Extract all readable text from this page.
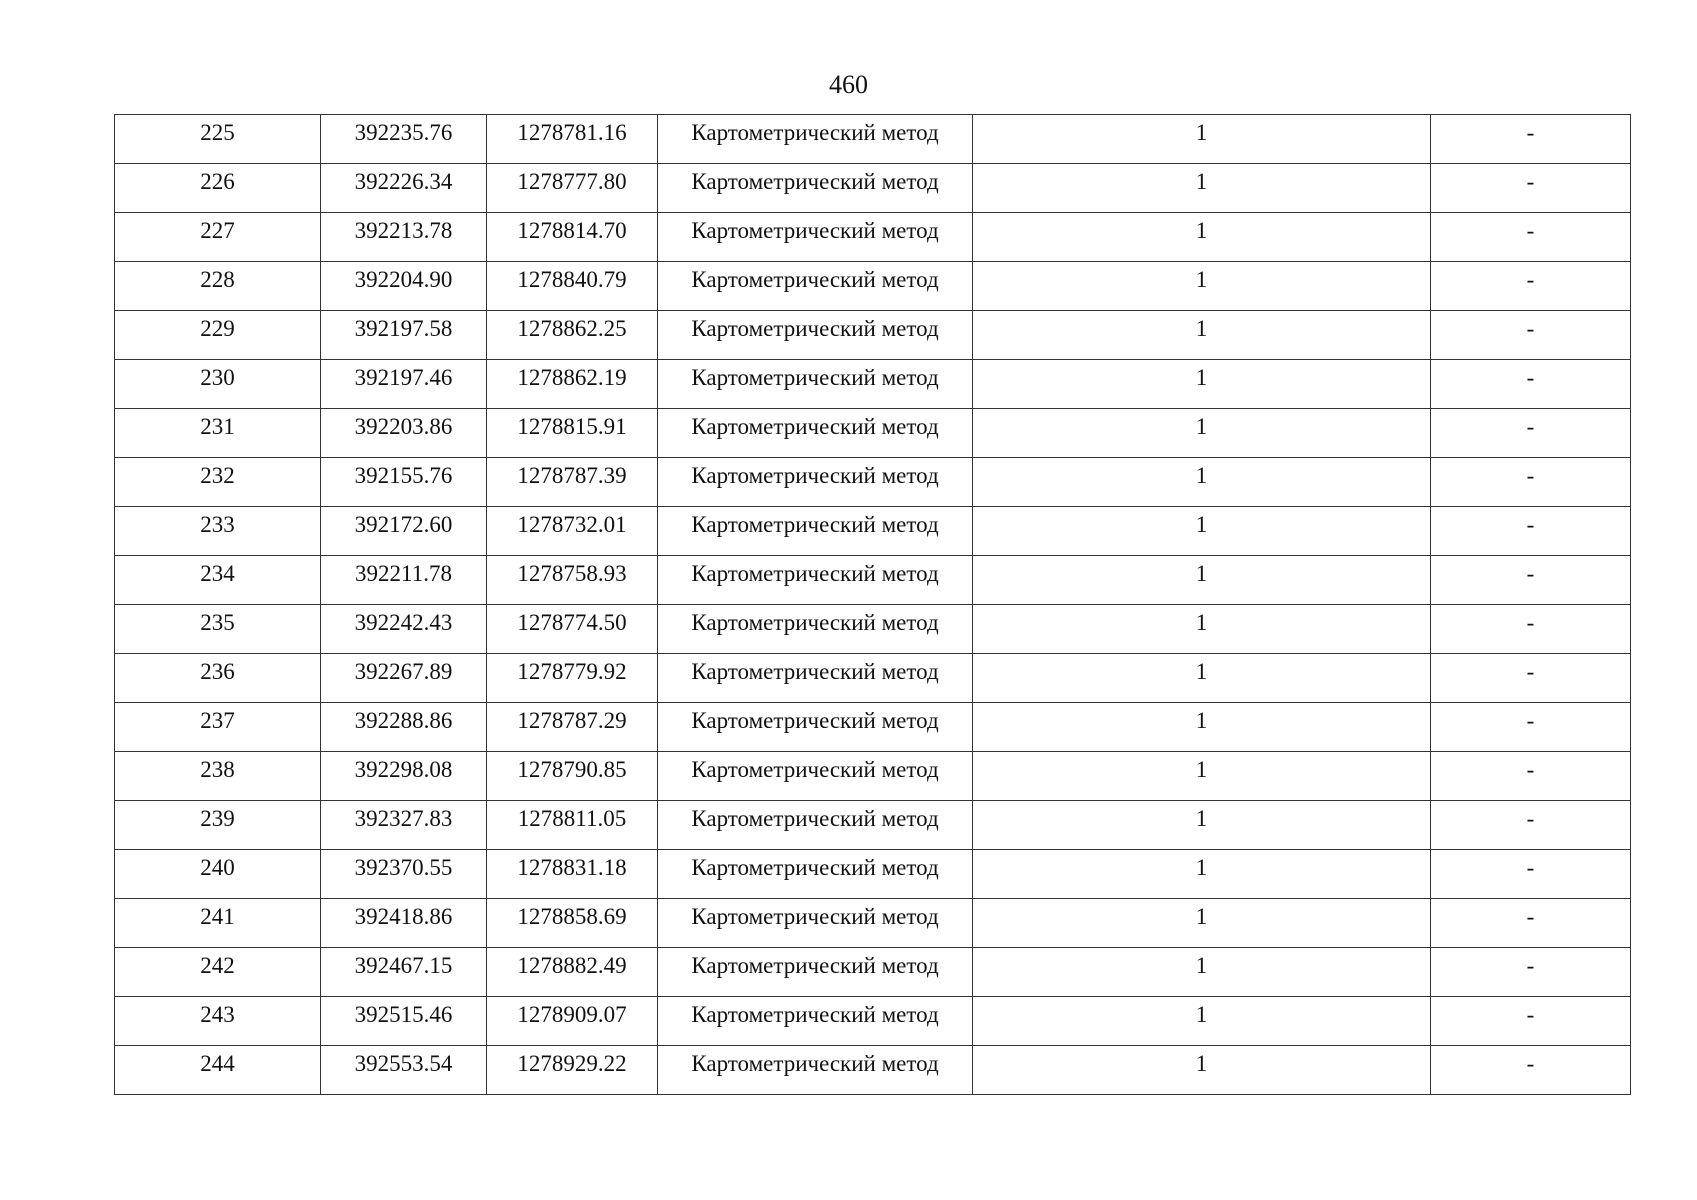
460
225	392235.76	1278781.16	Картометрический метод	1	-
226	392226.34	1278777.80	Картометрический метод	1	-
227	392213.78	1278814.70	Картометрический метод	1	-
228	392204.90	1278840.79	Картометрический метод	1	-
229	392197.58	1278862.25	Картометрический метод	1	-
230	392197.46	1278862.19	Картометрический метод	1	-
231	392203.86	1278815.91	Картометрический метод	1	-
232	392155.76	1278787.39	Картометрический метод	1	-
233	392172.60	1278732.01	Картометрический метод	1	-
234	392211.78	1278758.93	Картометрический метод	1	-
235	392242.43	1278774.50	Картометрический метод	1	-
236	392267.89	1278779.92	Картометрический метод	1	-
237	392288.86	1278787.29	Картометрический метод	1	-
238	392298.08	1278790.85	Картометрический метод	1	-
239	392327.83	1278811.05	Картометрический метод	1	-
240	392370.55	1278831.18	Картометрический метод	1	-
241	392418.86	1278858.69	Картометрический метод	1	-
242	392467.15	1278882.49	Картометрический метод	1	-
243	392515.46	1278909.07	Картометрический метод	1	-
244	392553.54	1278929.22	Картометрический метод	1	-
